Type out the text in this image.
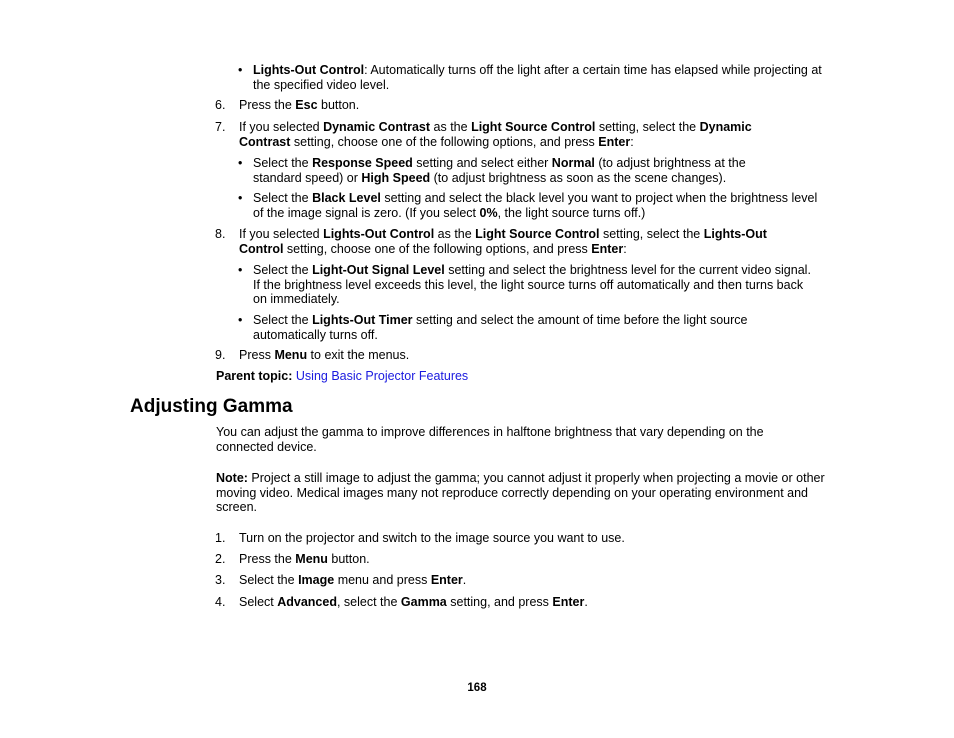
• Lights-Out Control: Automatically turns off the light after a certain time has elapsed while projecting at the specified video level.
6. Press the Esc button.
7. If you selected Dynamic Contrast as the Light Source Control setting, select the Dynamic Contrast setting, choose one of the following options, and press Enter:
• Select the Response Speed setting and select either Normal (to adjust brightness at the standard speed) or High Speed (to adjust brightness as soon as the scene changes).
• Select the Black Level setting and select the black level you want to project when the brightness level of the image signal is zero. (If you select 0%, the light source turns off.)
8. If you selected Lights-Out Control as the Light Source Control setting, select the Lights-Out Control setting, choose one of the following options, and press Enter:
• Select the Light-Out Signal Level setting and select the brightness level for the current video signal. If the brightness level exceeds this level, the light source turns off automatically and then turns back on immediately.
• Select the Lights-Out Timer setting and select the amount of time before the light source automatically turns off.
9. Press Menu to exit the menus.
Parent topic: Using Basic Projector Features
Adjusting Gamma
You can adjust the gamma to improve differences in halftone brightness that vary depending on the connected device.
Note: Project a still image to adjust the gamma; you cannot adjust it properly when projecting a movie or other moving video. Medical images many not reproduce correctly depending on your operating environment and screen.
1. Turn on the projector and switch to the image source you want to use.
2. Press the Menu button.
3. Select the Image menu and press Enter.
4. Select Advanced, select the Gamma setting, and press Enter.
168
